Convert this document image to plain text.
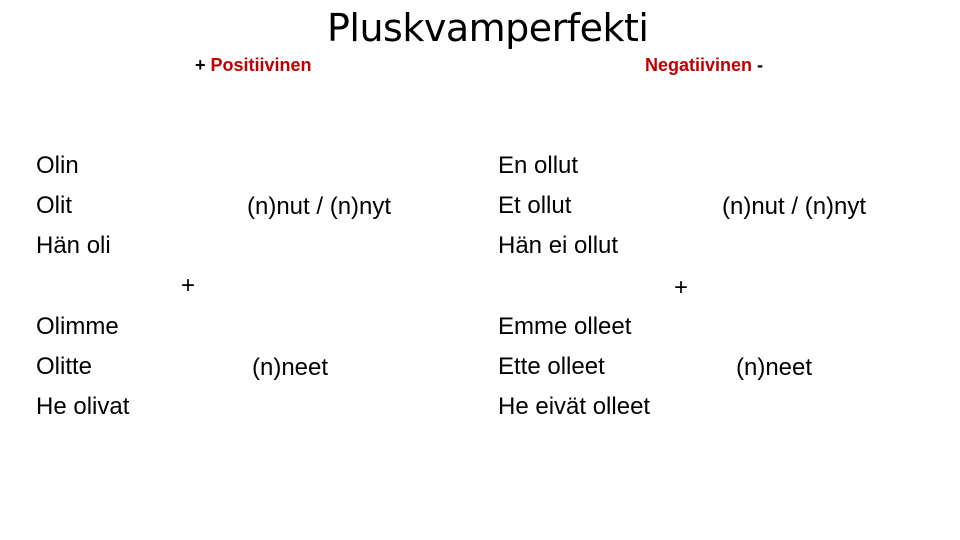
Pluskvamperfekti
+ Positiivinen	Negatiivinen -
Olin
Olit
Hän oli
(n)nut / (n)nyt
+
Olimme
Olitte
He olivat
(n)neet
En ollut
Et ollut
Hän ei ollut
(n)nut / (n)nyt
+
Emme olleet
Ette olleet
He eivät olleet
(n)neet
